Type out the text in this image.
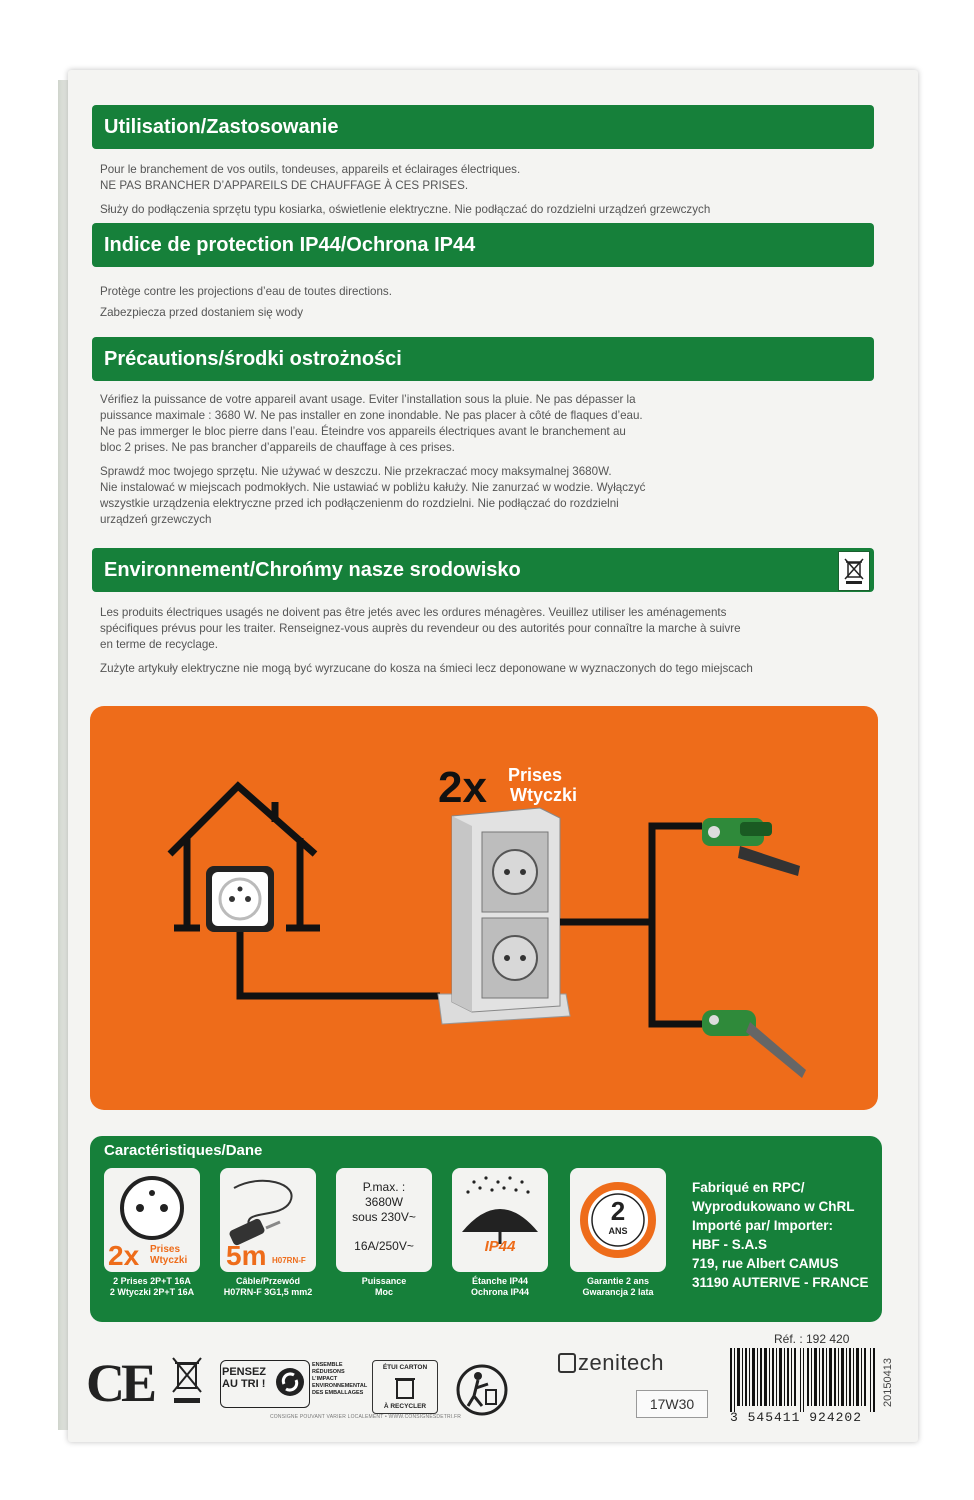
Utilisation/Zastosowanie

Pour le branchement de vos outils, tondeuses, appareils et éclairages électriques.
NE PAS BRANCHER D’APPAREILS DE CHAUFFAGE À CES PRISES.

Służy do podłączenia sprzętu typu kosiarka, oświetlenie elektryczne. Nie podłączać do rozdzielni urządzeń grzewczych

Indice de protection IP44/Ochrona IP44

Protège contre les projections d’eau de toutes directions.

Zabezpiecza przed dostaniem się wody

Précautions/środki ostrożności

Vérifiez la puissance de votre appareil avant usage. Eviter l’installation sous la pluie. Ne pas dépasser la
puissance maximale : 3680 W. Ne pas installer en zone inondable. Ne pas placer à côté de flaques d’eau.
Ne pas immerger le bloc pierre dans l’eau. Éteindre vos appareils électriques avant le branchement au
bloc 2 prises. Ne pas brancher d’appareils de chauffage à ces prises.

Sprawdź moc twojego sprzętu. Nie używać w deszczu. Nie przekraczać mocy maksymalnej 3680W.
Nie instalować w miejscach podmokłych. Nie ustawiać w pobliżu kałuży. Nie zanurzać w wodzie. Wyłączyć
wszystkie urządzenia elektryczne przed ich podłączenienm do rozdzielni. Nie podłączać do rozdzielni
urządzeń grzewczych

Environnement/Chrońmy nasze srodowisko

Les produits électriques usagés ne doivent pas être jetés avec les ordures ménagères. Veuillez utiliser les aménagements
spécifiques prévus pour les traiter. Renseignez-vous auprès du revendeur ou des autorités pour connaître la marche à suivre
en terme de recyclage.

Zużyte artykuły elektryczne nie mogą być wyrzucane do kosza na śmieci lecz deponowane w wyznaczonych do tego miejscach

2x Prises
Wtyczki
Caractéristiques/Dane
2x Prises
Wtyczki
2 Prises 2P+T 16A
2 Wtyczki 2P+T 16A
5m H07RN-F
Câble/Przewód
H07RN-F 3G1,5 mm2
P.max. :
3680W
sous 230V~
16A/250V~
Puissance
Moc
IP44
Étanche IP44
Ochrona IP44
2
ANS
Garantie 2 ans
Gwarancja 2 lata
Fabriqué en RPC/
Wyprodukowano w ChRL
Importé par/ Importer:
HBF - S.A.S
719, rue Albert CAMUS
31190 AUTERIVE - FRANCE
CE	PENSEZ
AU TRI !
ENSEMBLE
RÉDUISONS L’IMPACT
ENVIRONNEMENTAL
DES EMBALLAGES
ÉTUI CARTON
À RECYCLER
CONSIGNE POUVANT VARIER LOCALEMENT • WWW.CONSIGNESDETRI.FR
Réf. : 192 420
zenitech
17W30
3 545411 924202
20150413
